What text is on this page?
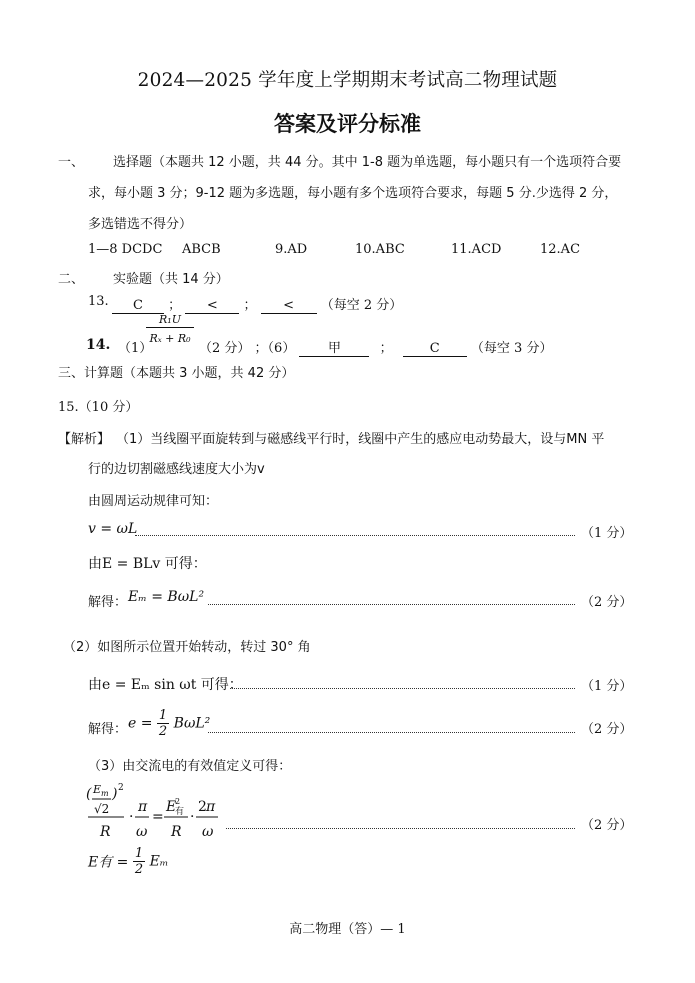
2024—2025 学年度上学期期末考试高二物理试题
答案及评分标准
一、 选择题（本题共 12 小题，共 44 分。其中 1-8 题为单选题，每小题只有一个选项符合要
求，每小题 3 分；9-12 题为多选题，每小题有多个选项符合要求，每题 5 分.少选得 2 分，
多选错选不得分）
1—8 DCDC ABCB	9.AD	10.ABC	11.ACD	12.AC
二、 实验题（共 14 分）
13.	C ； < ； < （每空 2 分）
14. （1）
$\frac{\text{R₁U}}{\text{Rₓ + R₀}}$
（2 分） ；（6）	甲	；	C （每空 3 分）
三、计算题（本题共 3 小题，共 42 分）
15.（10 分）
【解析】 （1）当线圈平面旋转到与磁感线平行时，线圈中产生的感应电动势最大，设与MN 平
行的边切割磁感线速度大小为v
由圆周运动规律可知：
v = ωL	（1 分）
由E = BLv 可得：
解得： Eₘ = BωL²	（2 分）
（2）如图所示位置开始转动，转过 30° 角
由e = Eₘ sin ωt 可得：	（1 分）
解得： $e = \frac{1}{2} B\omega L^2$	（2 分）
（3）由交流电的有效值定义可得：
( E m
√2
) 2
R
·
π
ω
=
E
2
有
R
·
2 π
ω	（2 分）
E有 = $\frac{1}{2}$ Eₘ
高二物理（答）— 1
